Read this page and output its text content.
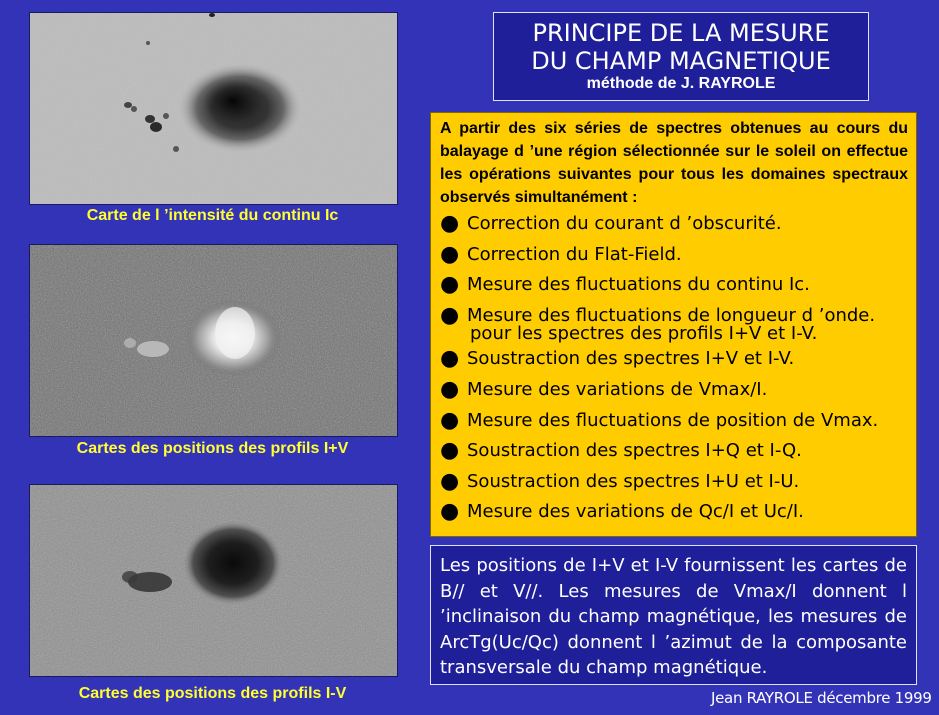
Carte de l ’intensité du continu Ic
Cartes des positions des profils I+V
Cartes des positions des profils I-V
PRINCIPE DE LA MESURE
DU CHAMP MAGNETIQUE
méthode de J. RAYROLE
A partir des six séries de spectres obtenues au cours du balayage d ’une région sélectionnée sur le soleil on effectue les opérations suivantes pour tous les domaines spectraux observés simultanément :
● Correction du courant d ’obscurité.
● Correction du Flat-Field.
● Mesure des fluctuations du continu Ic.
● Mesure des fluctuations de longueur d ’onde.
pour les spectres des profils I+V et I-V.
● Soustraction des spectres I+V et I-V.
● Mesure des variations de Vmax/I.
● Mesure des fluctuations de position de Vmax.
● Soustraction des spectres I+Q et I-Q.
● Soustraction des spectres I+U et I-U.
● Mesure des variations de Qc/I et Uc/I.
Les positions de I+V et I-V fournissent les cartes de B// et V//. Les mesures de Vmax/I donnent l ’inclinaison du champ magnétique, les mesures de ArcTg(Uc/Qc) donnent l ’azimut de la composante transversale du champ magnétique.
Jean RAYROLE décembre 1999
